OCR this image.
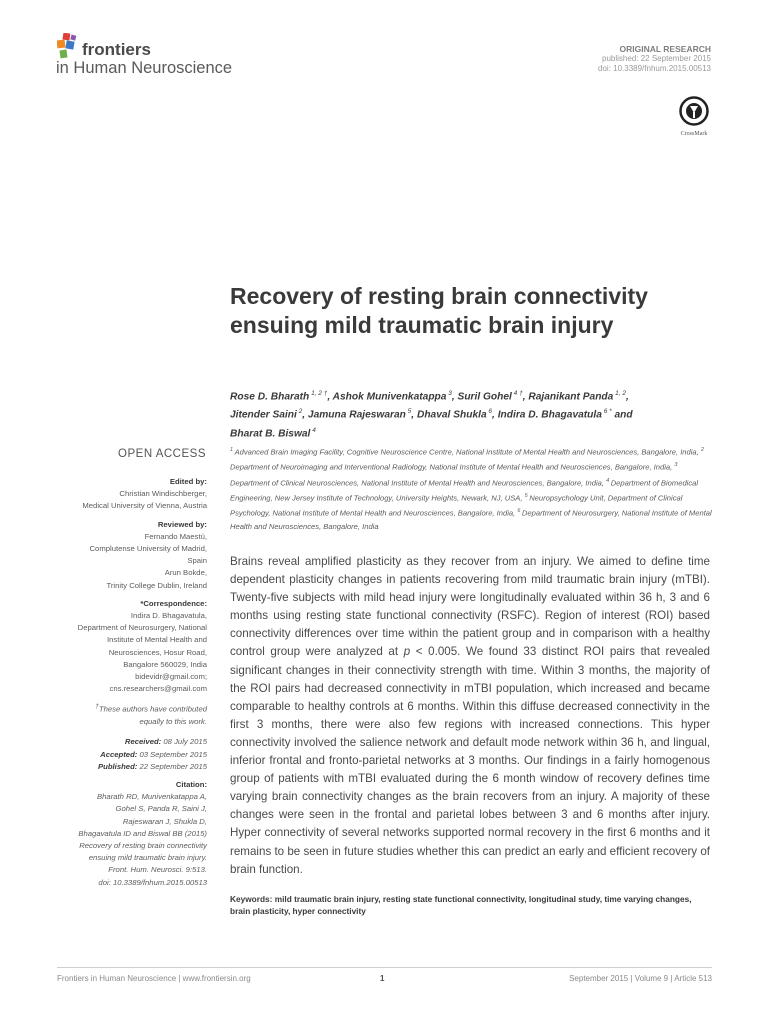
frontiers
in Human Neuroscience
ORIGINAL RESEARCH
published: 22 September 2015
doi: 10.3389/fnhum.2015.00513
CrossMark
Recovery of resting brain connectivity ensuing mild traumatic brain injury
Rose D. Bharath $^{1, 2 \dagger}$, Ashok Munivenkatappa $^3$, Suril Gohel $^{4 \dagger}$, Rajanikant Panda $^{1, 2}$,
Jitender Saini $^2$, Jamuna Rajeswaran $^5$, Dhaval Shukla $^6$, Indira D. Bhagavatula $^{6 *}$ and
Bharat B. Biswal $^4$
$^1$ Advanced Brain Imaging Facility, Cognitive Neuroscience Centre, National Institute of Mental Health and Neurosciences, Bangalore, India, $^2$ Department of Neuroimaging and Interventional Radiology, National Institute of Mental Health and Neurosciences, Bangalore, India, $^3$ Department of Clinical Neurosciences, National Institute of Mental Health and Neurosciences, Bangalore, India, $^4$ Department of Biomedical Engineering, New Jersey Institute of Technology, University Heights, Newark, NJ, USA, $^5$ Neuropsychology Unit, Department of Clinical Psychology, National Institute of Mental Health and Neurosciences, Bangalore, India, $^6$ Department of Neurosurgery, National Institute of Mental Health and Neurosciences, Bangalore, India
OPEN ACCESS
Edited by:
Christian Windischberger,
Medical University of Vienna, Austria
Reviewed by:
Fernando Maestú,
Complutense University of Madrid,
Spain
Arun Bokde,
Trinity College Dublin, Ireland
*Correspondence:
Indira D. Bhagavatula,
Department of Neurosurgery, National
Institute of Mental Health and
Neurosciences, Hosur Road,
Bangalore 560029, India
bidevidr@gmail.com;
cns.researchers@gmail.com
†These authors have contributed
equally to this work.
Received: 08 July 2015
Accepted: 03 September 2015
Published: 22 September 2015
Citation:
Bharath RD, Munivenkatappa A,
Gohel S, Panda R, Saini J,
Rajeswaran J, Shukla D,
Bhagavatula ID and Biswal BB (2015)
Recovery of resting brain connectivity
ensuing mild traumatic brain injury.
Front. Hum. Neurosci. 9:513.
doi: 10.3389/fnhum.2015.00513
Brains reveal amplified plasticity as they recover from an injury. We aimed to define time dependent plasticity changes in patients recovering from mild traumatic brain injury (mTBI). Twenty-five subjects with mild head injury were longitudinally evaluated within 36 h, 3 and 6 months using resting state functional connectivity (RSFC). Region of interest (ROI) based connectivity differences over time within the patient group and in comparison with a healthy control group were analyzed at p < 0.005. We found 33 distinct ROI pairs that revealed significant changes in their connectivity strength with time. Within 3 months, the majority of the ROI pairs had decreased connectivity in mTBI population, which increased and became comparable to healthy controls at 6 months. Within this diffuse decreased connectivity in the first 3 months, there were also few regions with increased connections. This hyper connectivity involved the salience network and default mode network within 36 h, and lingual, inferior frontal and fronto-parietal networks at 3 months. Our findings in a fairly homogenous group of patients with mTBI evaluated during the 6 month window of recovery defines time varying brain connectivity changes as the brain recovers from an injury. A majority of these changes were seen in the frontal and parietal lobes between 3 and 6 months after injury. Hyper connectivity of several networks supported normal recovery in the first 6 months and it remains to be seen in future studies whether this can predict an early and efficient recovery of brain function.
Keywords: mild traumatic brain injury, resting state functional connectivity, longitudinal study, time varying changes, brain plasticity, hyper connectivity
Frontiers in Human Neuroscience | www.frontiersin.org	1	September 2015 | Volume 9 | Article 513
